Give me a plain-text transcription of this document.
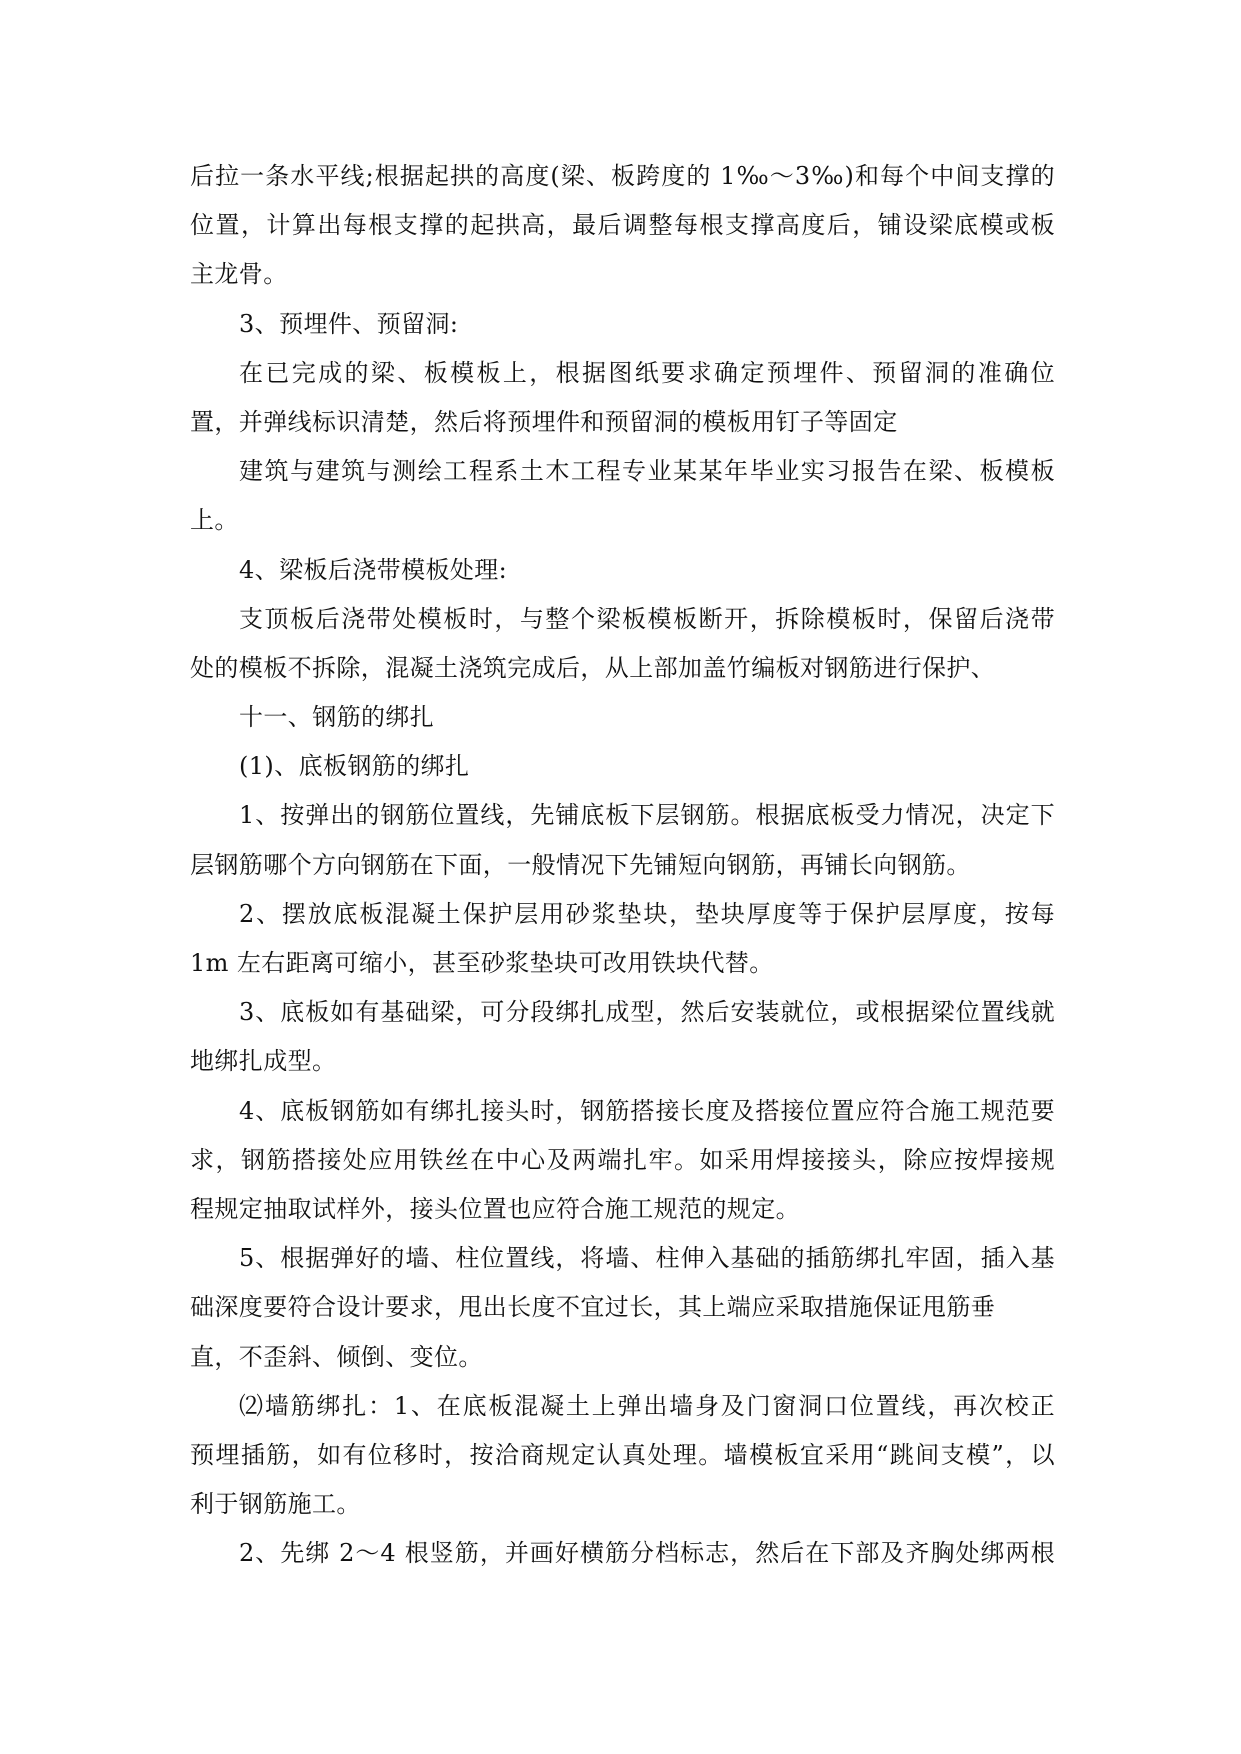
后拉一条水平线;根据起拱的高度(梁、板跨度的 1‰～3‰)和每个中间支撑的
位置，计算出每根支撑的起拱高，最后调整每根支撑高度后，铺设梁底模或板
主龙骨。
3、预埋件、预留洞:
在已完成的梁、板模板上，根据图纸要求确定预埋件、预留洞的准确位
置，并弹线标识清楚，然后将预埋件和预留洞的模板用钉子等固定
建筑与建筑与测绘工程系土木工程专业某某年毕业实习报告在梁、板模板
上。
4、梁板后浇带模板处理:
支顶板后浇带处模板时，与整个梁板模板断开，拆除模板时，保留后浇带
处的模板不拆除，混凝土浇筑完成后，从上部加盖竹编板对钢筋进行保护、
十一、钢筋的绑扎
(1)、底板钢筋的绑扎
1、按弹出的钢筋位置线，先铺底板下层钢筋。根据底板受力情况，决定下
层钢筋哪个方向钢筋在下面，一般情况下先铺短向钢筋，再铺长向钢筋。
2、摆放底板混凝土保护层用砂浆垫块，垫块厚度等于保护层厚度，按每
1m 左右距离可缩小，甚至砂浆垫块可改用铁块代替。
3、底板如有基础梁，可分段绑扎成型，然后安装就位，或根据梁位置线就
地绑扎成型。
4、底板钢筋如有绑扎接头时，钢筋搭接长度及搭接位置应符合施工规范要
求，钢筋搭接处应用铁丝在中心及两端扎牢。如采用焊接接头，除应按焊接规
程规定抽取试样外，接头位置也应符合施工规范的规定。
5、根据弹好的墙、柱位置线，将墙、柱伸入基础的插筋绑扎牢固，插入基
础深度要符合设计要求，甩出长度不宜过长，其上端应采取措施保证甩筋垂
直，不歪斜、倾倒、变位。
⑵墙筋绑扎：1、在底板混凝土上弹出墙身及门窗洞口位置线，再次校正
预埋插筋，如有位移时，按洽商规定认真处理。墙模板宜采用“跳间支模”，以
利于钢筋施工。
2、先绑 2～4 根竖筋，并画好横筋分档标志，然后在下部及齐胸处绑两根
